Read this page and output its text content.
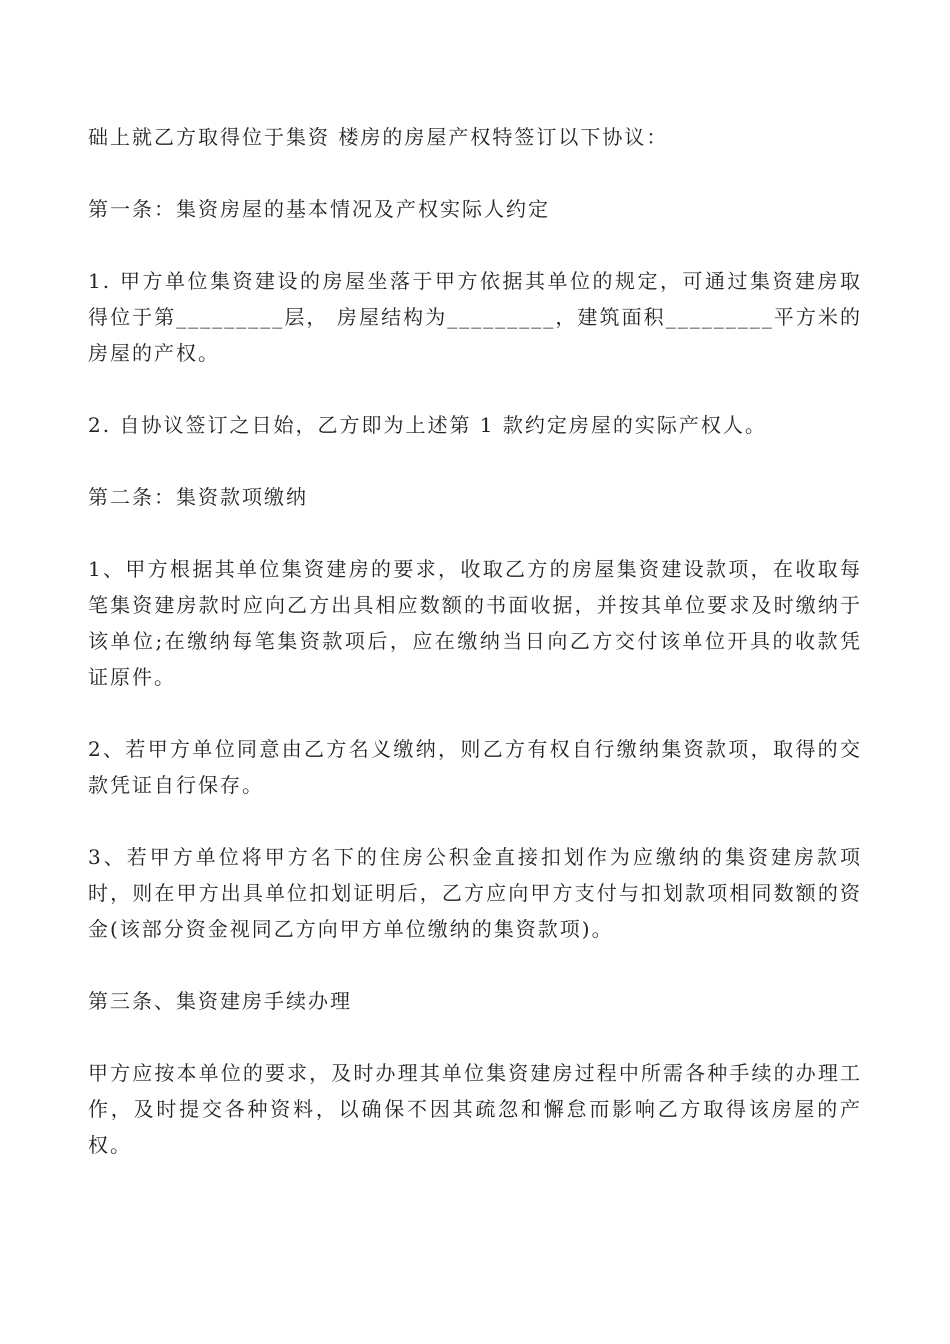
础上就乙方取得位于集资 楼房的房屋产权特签订以下协议：

第一条：集资房屋的基本情况及产权实际人约定

1. 甲方单位集资建设的房屋坐落于甲方依据其单位的规定，可通过集资建房取得位于第_________层， 房屋结构为_________，建筑面积_________平方米的房屋的产权。

2. 自协议签订之日始，乙方即为上述第 1 款约定房屋的实际产权人。

第二条：集资款项缴纳

1、甲方根据其单位集资建房的要求，收取乙方的房屋集资建设款项，在收取每笔集资建房款时应向乙方出具相应数额的书面收据，并按其单位要求及时缴纳于该单位;在缴纳每笔集资款项后，应在缴纳当日向乙方交付该单位开具的收款凭证原件。

2、若甲方单位同意由乙方名义缴纳，则乙方有权自行缴纳集资款项，取得的交款凭证自行保存。

3、若甲方单位将甲方名下的住房公积金直接扣划作为应缴纳的集资建房款项时，则在甲方出具单位扣划证明后，乙方应向甲方支付与扣划款项相同数额的资金(该部分资金视同乙方向甲方单位缴纳的集资款项)。

第三条、集资建房手续办理

甲方应按本单位的要求，及时办理其单位集资建房过程中所需各种手续的办理工作，及时提交各种资料，以确保不因其疏忽和懈怠而影响乙方取得该房屋的产权。
